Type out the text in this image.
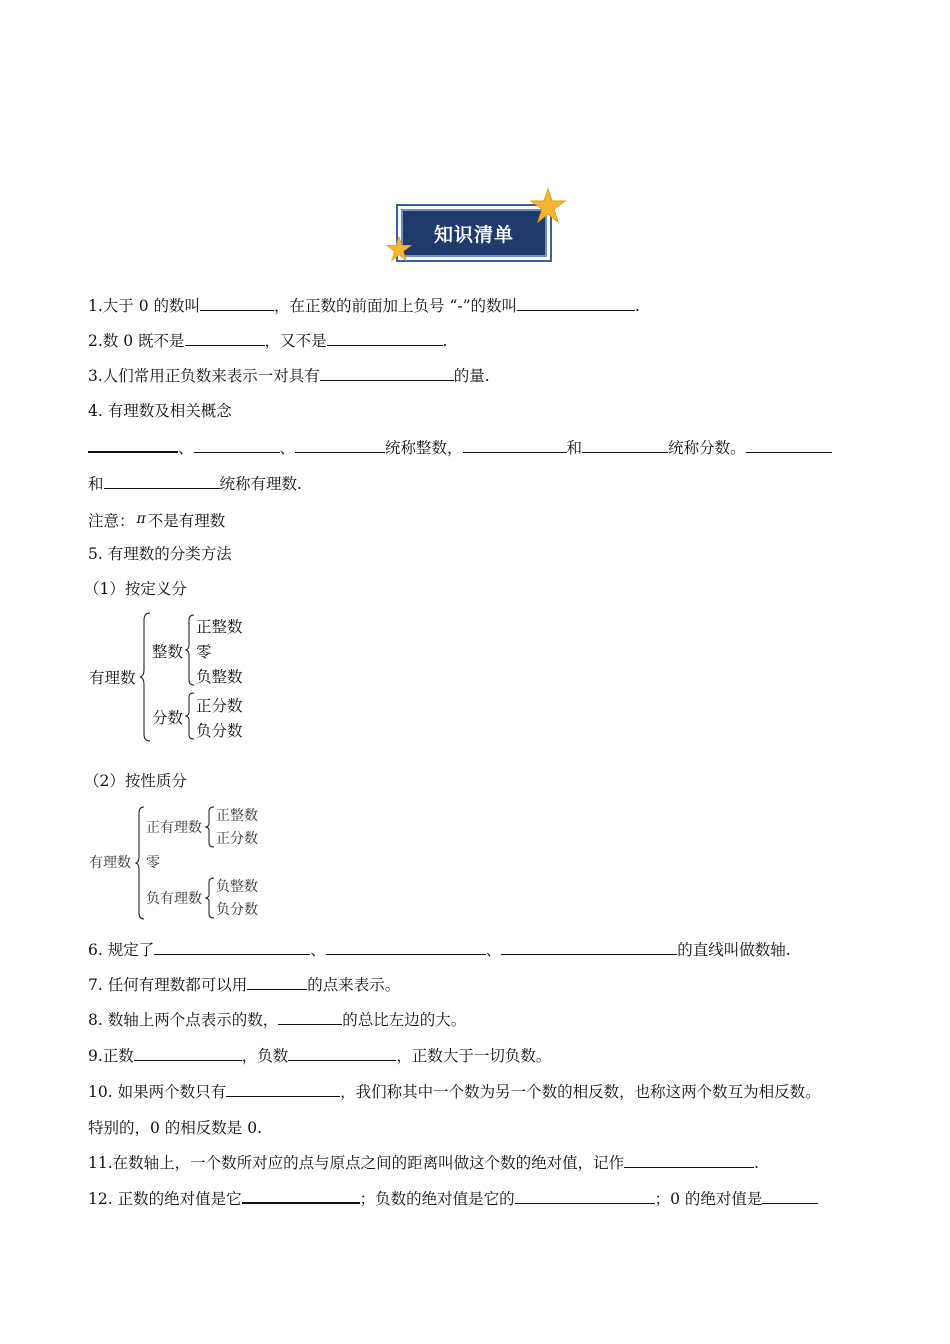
知识清单
1.大于 0 的数叫	，在正数的前面加上负号 “-”的数叫	.
2.数 0 既不是	，又不是	.
3.人们常用正负数来表示一对具有	的量.
4. 有理数及相关概念
、	、	统称整数，	和	统称分数。
和	统称有理数.
注意： π 不是有理数
5. 有理数的分类方法
（1）按定义分
有理数
整数
正整数
零
负整数
分数
正分数
负分数
（2）按性质分
有理数
正有理数
正整数
正分数
零
负有理数
负整数
负分数
6. 规定了	、	、	的直线叫做数轴.
7. 任何有理数都可以用	的点来表示。
8. 数轴上两个点表示的数，	的总比左边的大。
9.正数	，负数	，正数大于一切负数。
10. 如果两个数只有	，我们称其中一个数为另一个数的相反数，也称这两个数互为相反数。
特别的，0 的相反数是 0.
11.在数轴上，一个数所对应的点与原点之间的距离叫做这个数的绝对值，记作	.
12. 正数的绝对值是它	；负数的绝对值是它的	；0 的绝对值是
